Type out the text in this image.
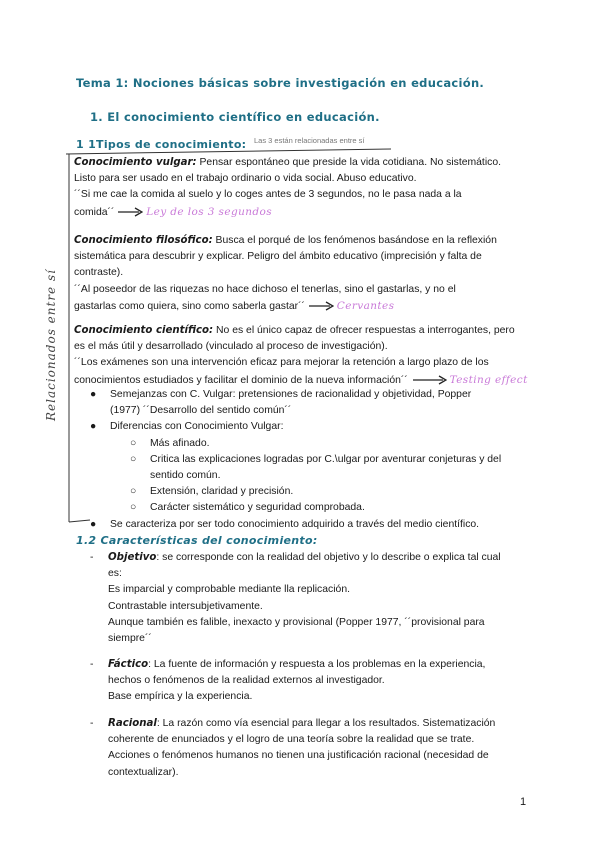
Tema 1: Nociones básicas sobre investigación en educación.
1. El conocimiento científico en educación.
1 1Tipos de conocimiento: Las 3 están relacionadas entre sí
Relacionados entre sí
Conocimiento vulgar: Pensar espontáneo que preside la vida cotidiana. No sistemático.
Listo para ser usado en el trabajo ordinario o vida social. Abuso educativo.
´´Si me cae la comida al suelo y lo coges antes de 3 segundos, no le pasa nada a la
comida´´	Ley de los 3 segundos
Conocimiento filosófico: Busca el porqué de los fenómenos basándose en la reflexión
sistemática para descubrir y explicar. Peligro del ámbito educativo (imprecisión y falta de
contraste).
´´Al poseedor de las riquezas no hace dichoso el tenerlas, sino el gastarlas, y no el
gastarlas como quiera, sino como saberla gastar´´	Cervantes
Conocimiento científico: No es el único capaz de ofrecer respuestas a interrogantes, pero
es el más útil y desarrollado (vinculado al proceso de investigación).
´´Los exámenes son una intervención eficaz para mejorar la retención a largo plazo de los
conocimientos estudiados y facilitar el dominio de la nueva información´´	Testing effect
● Semejanzas con C. Vulgar: pretensiones de racionalidad y objetividad, Popper
(1977) ´´Desarrollo del sentido común´´
● Diferencias con Conocimiento Vulgar:
○ Más afinado.
○ Critica las explicaciones logradas por C.\ulgar por aventurar conjeturas y del
sentido común.
○ Extensión, claridad y precisión.
○ Carácter sistemático y seguridad comprobada.
● Se caracteriza por ser todo conocimiento adquirido a través del medio científico.
1.2 Características del conocimiento:
- Objetivo: se corresponde con la realidad del objetivo y lo describe o explica tal cual
es:
Es imparcial y comprobable mediante lla replicación.
Contrastable intersubjetivamente.
Aunque también es falible, inexacto y provisional (Popper 1977, ´´provisional para
siempre´´
- Fáctico: La fuente de información y respuesta a los problemas en la experiencia,
hechos o fenómenos de la realidad externos al investigador.
Base empírica y la experiencia.
- Racional: La razón como vía esencial para llegar a los resultados. Sistematización
coherente de enunciados y el logro de una teoría sobre la realidad que se trate.
Acciones o fenómenos humanos no tienen una justificación racional (necesidad de
contextualizar).
1
